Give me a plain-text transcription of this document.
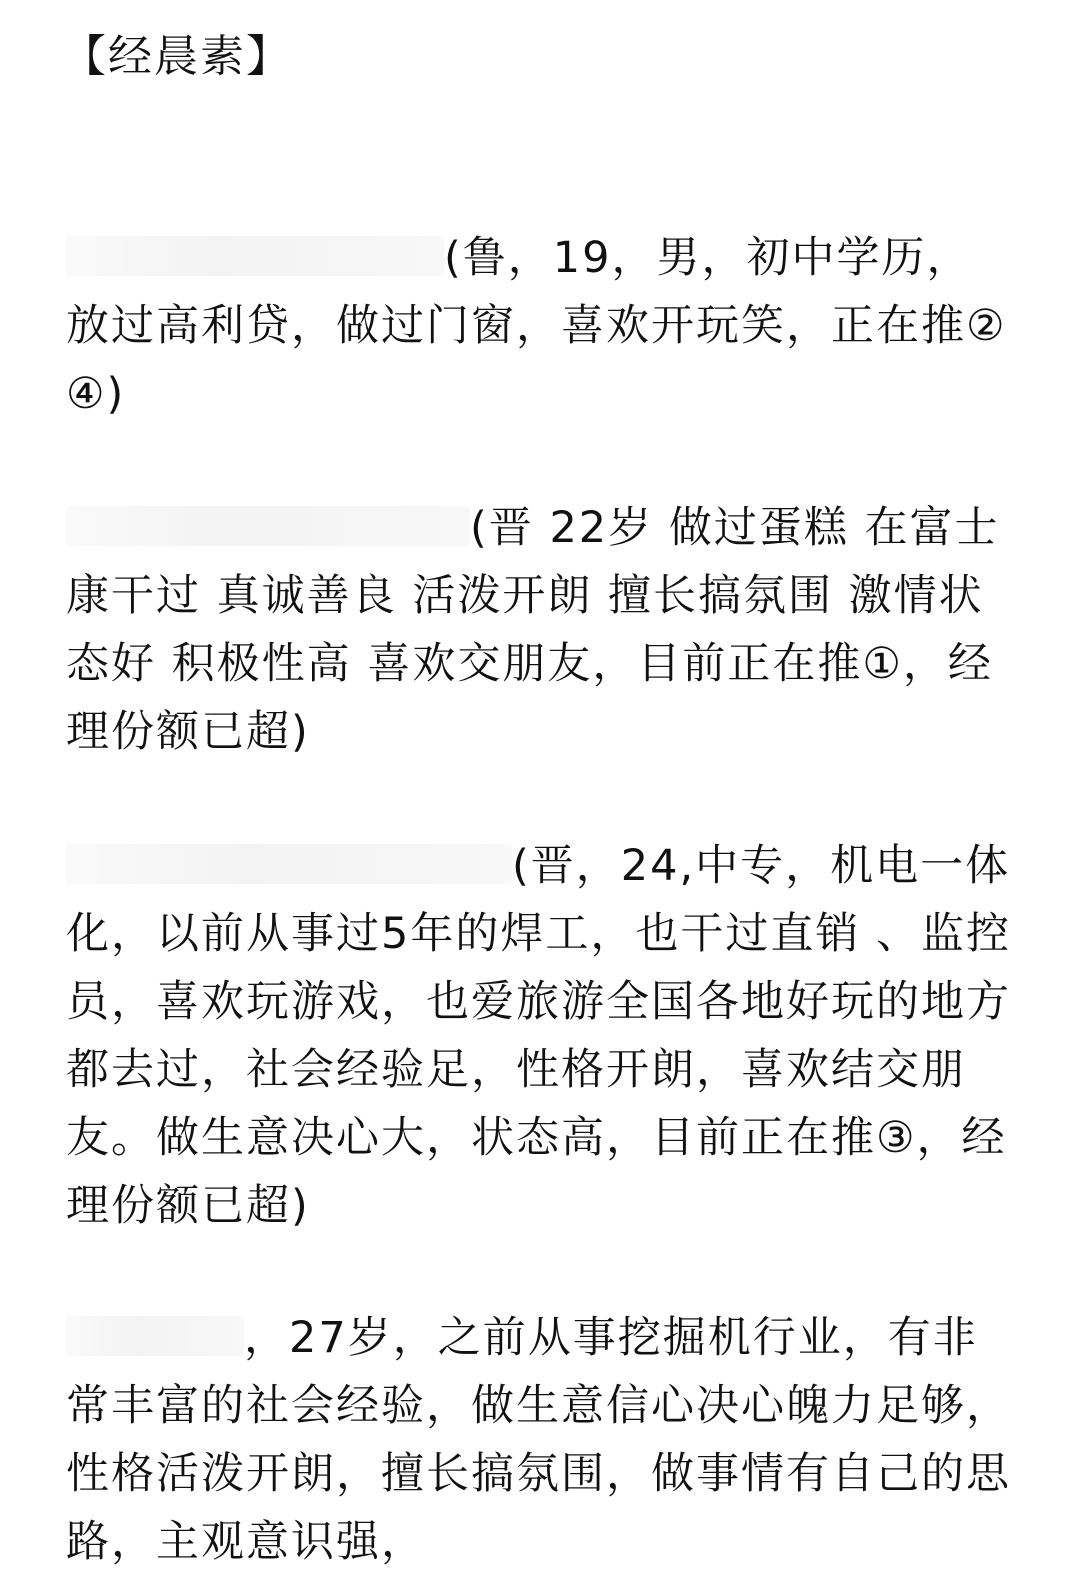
【经晨素】
(鲁，19，男，初中学历，放过高利贷，做过门窗，喜欢开玩笑，正在推②④)
(晋 22岁 做过蛋糕 在富士康干过 真诚善良 活泼开朗 擅长搞氛围 激情状态好 积极性高 喜欢交朋友，目前正在推①，经理份额已超)
(晋，24,中专，机电一体化，以前从事过5年的焊工，也干过直销 、监控员，喜欢玩游戏，也爱旅游全国各地好玩的地方都去过，社会经验足，性格开朗，喜欢结交朋友。做生意决心大，状态高，目前正在推③，经理份额已超)
，27岁，之前从事挖掘机行业，有非常丰富的社会经验，做生意信心决心魄力足够，性格活泼开朗，擅长搞氛围，做事情有自己的思路，主观意识强，
